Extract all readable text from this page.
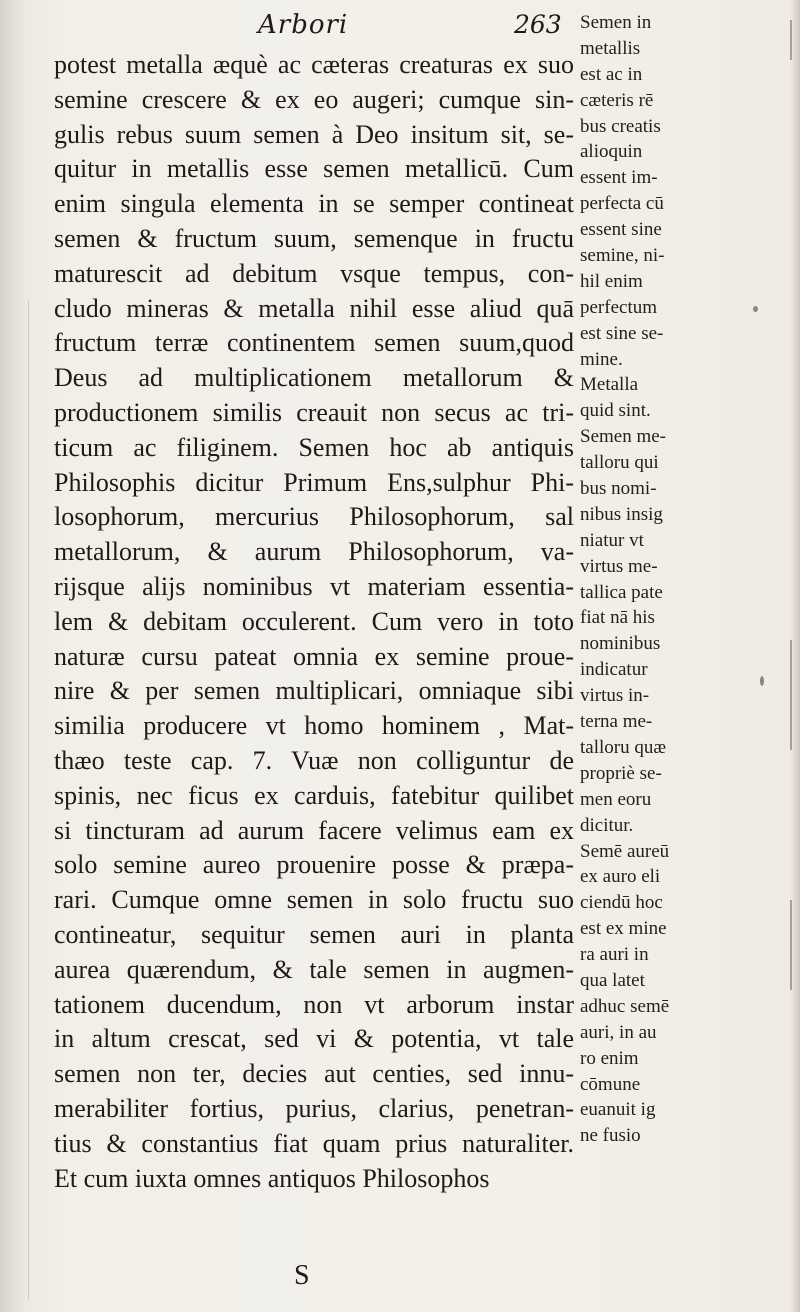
Arbori	263
potest metalla æquè ac cæteras creaturas ex suo
semine crescere & ex eo augeri; cumque sin-
gulis rebus suum semen à Deo insitum sit, se-
quitur in metallis esse semen metallicū. Cum
enim singula elementa in se semper contineat
semen & fructum suum, semenque in fructu
maturescit ad debitum vsque tempus, con-
cludo mineras & metalla nihil esse aliud quā
fructum terræ continentem semen suum,quod
Deus ad multiplicationem metallorum &
productionem similis creauit non secus ac tri-
ticum ac filiginem. Semen hoc ab antiquis
Philosophis dicitur Primum Ens,sulphur Phi-
losophorum, mercurius Philosophorum, sal
metallorum, & aurum Philosophorum, va-
rijsque alijs nominibus vt materiam essentia-
lem & debitam occulerent. Cum vero in toto
naturæ cursu pateat omnia ex semine proue-
nire & per semen multiplicari, omniaque sibi
similia producere vt homo hominem , Mat-
thæo teste cap. 7. Vuæ non colliguntur de
spinis, nec ficus ex carduis, fatebitur quilibet
si tincturam ad aurum facere velimus eam ex
solo semine aureo prouenire posse & præpa-
rari. Cumque omne semen in solo fructu suo
contineatur, sequitur semen auri in planta
aurea quærendum, & tale semen in augmen-
tationem ducendum, non vt arborum instar
in altum crescat, sed vi & potentia, vt tale
semen non ter, decies aut centies, sed innu-
merabiliter fortius, purius, clarius, penetran-
tius & constantius fiat quam prius naturaliter.
Et cum iuxta omnes antiquos Philosophos
Semen in
metallis
est ac in
cæteris rē
bus creatis
alioquin
essent im-
perfecta cū
essent sine
semine, ni-
hil enim
perfectum
est sine se-
mine.
Metalla
quid sint.
Semen me-
talloru qui
bus nomi-
nibus insig
niatur vt
virtus me-
tallica pate
fiat nā his
nominibus
indicatur
virtus in-
terna me-
talloru quæ
propriè se-
men eoru
dicitur.
Semē aureū
ex auro eli
ciendū hoc
est ex mine
ra auri in
qua latet
adhuc semē
auri, in au
ro enim
cōmune
euanuit ig
ne fusio
S
